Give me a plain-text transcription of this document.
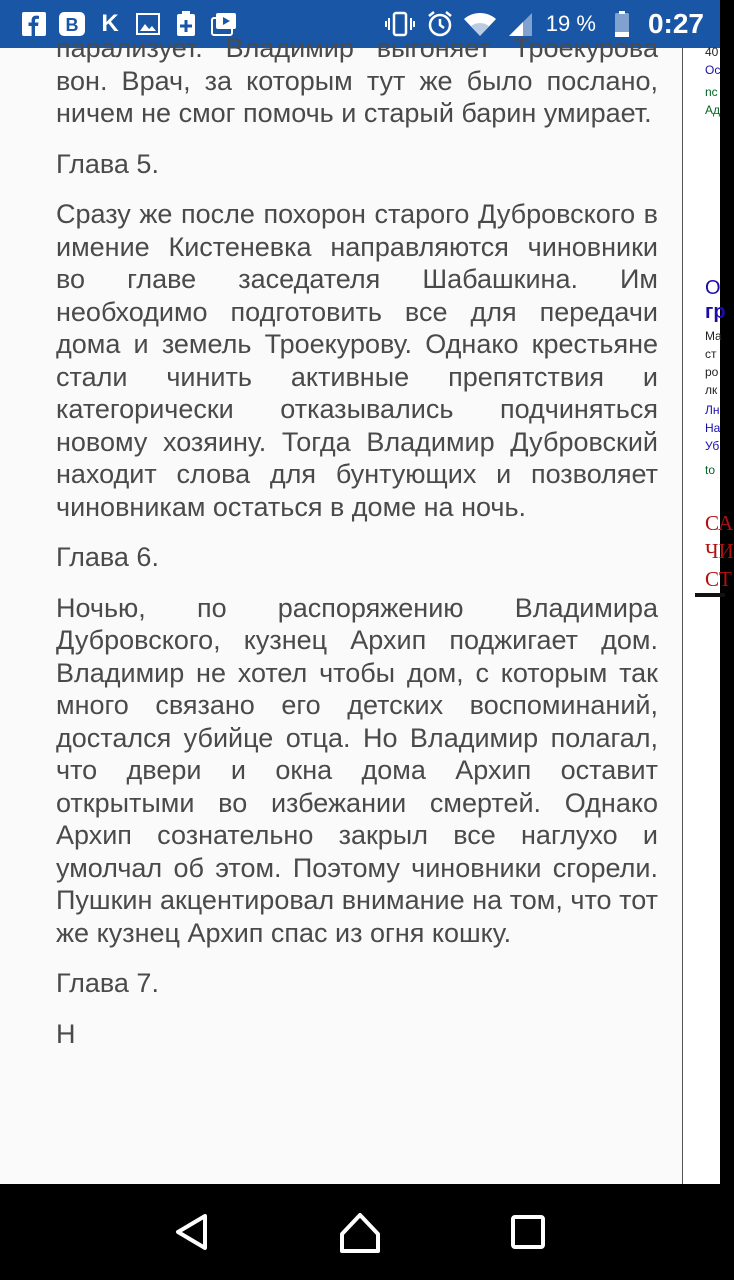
B K	19 % 0:27

парализует. Владимир выгоняет Троекурова вон. Врач, за которым тут же было послано, ничем не смог помочь и старый барин умирает.

Глава 5.

Сразу же после похорон старого Дубровского в имение Кистеневка направляются чиновники во главе заседателя Шабашкина. Им необходимо подготовить все для передачи дома и земель Троекурову. Однако крестьяне стали чинить активные препятствия и категорически отказывались подчиняться новому хозяину. Тогда Владимир Дубровский находит слова для бунтующих и позволяет чиновникам остаться в доме на ночь.

Глава 6.

Ночью, по распоряжению Владимира Дубровского, кузнец Архип поджигает дом. Владимир не хотел чтобы дом, с которым так много связано его детских воспоминаний, достался убийце отца. Но Владимир полагал, что двери и окна дома Архип оставит открытыми во избежании смертей. Однако Архип сознательно закрыл все наглухо и умолчал об этом. Поэтому чиновники сгорели. Пушкин акцентировал внимание на том, что тот же кузнец Архип спас из огня кошку.

Глава 7.

Н

40
Oc
nc
Ад
O
гр
Ma
ст
ро
лк
Лн
На
Уб
to
СА
ЧИ
СТ
